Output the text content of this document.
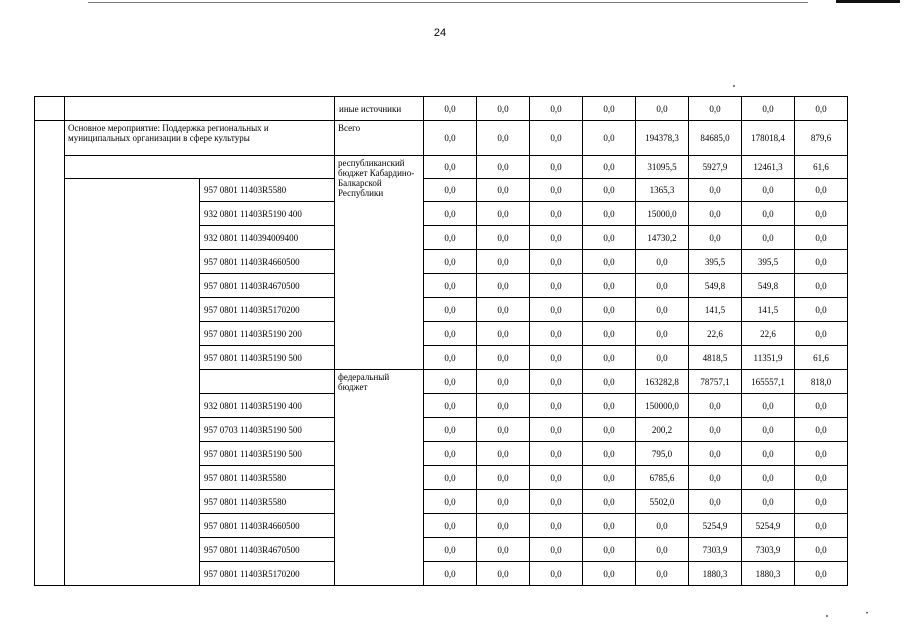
24
•
			иные источники	0,0	0,0	0,0	0,0	0,0	0,0	0,0	0,0
	Основное мероприятие: Поддержка региональных и муниципальных организации в сфере культуры		Всего	0,0	0,0	0,0	0,0	194378,3	84685,0	178018,4	879,6
			республиканский бюджет Кабардино-Балкарской Республики	0,0	0,0	0,0	0,0	31095,5	5927,9	12461,3	61,6
		957 0801 11403R5580		0,0	0,0	0,0	0,0	1365,3	0,0	0,0	0,0
		932 0801 11403R5190 400		0,0	0,0	0,0	0,0	15000,0	0,0	0,0	0,0
		932 0801 1140394009400		0,0	0,0	0,0	0,0	14730,2	0,0	0,0	0,0
		957 0801 11403R4660500		0,0	0,0	0,0	0,0	0,0	395,5	395,5	0,0
		957 0801 11403R4670500		0,0	0,0	0,0	0,0	0,0	549,8	549,8	0,0
		957 0801 11403R5170200		0,0	0,0	0,0	0,0	0,0	141,5	141,5	0,0
		957 0801 11403R5190 200		0,0	0,0	0,0	0,0	0,0	22,6	22,6	0,0
		957 0801 11403R5190 500		0,0	0,0	0,0	0,0	0,0	4818,5	11351,9	61,6
			федеральный бюджет	0,0	0,0	0,0	0,0	163282,8	78757,1	165557,1	818,0
		932 0801 11403R5190 400		0,0	0,0	0,0	0,0	150000,0	0,0	0,0	0,0
		957 0703 11403R5190 500		0,0	0,0	0,0	0,0	200,2	0,0	0,0	0,0
		957 0801 11403R5190 500		0,0	0,0	0,0	0,0	795,0	0,0	0,0	0,0
		957 0801 11403R5580		0,0	0,0	0,0	0,0	6785,6	0,0	0,0	0,0
		957 0801 11403R5580		0,0	0,0	0,0	0,0	5502,0	0,0	0,0	0,0
		957 0801 11403R4660500		0,0	0,0	0,0	0,0	0,0	5254,9	5254,9	0,0
		957 0801 11403R4670500		0,0	0,0	0,0	0,0	0,0	7303,9	7303,9	0,0
		957 0801 11403R5170200		0,0	0,0	0,0	0,0	0,0	1880,3	1880,3	0,0
